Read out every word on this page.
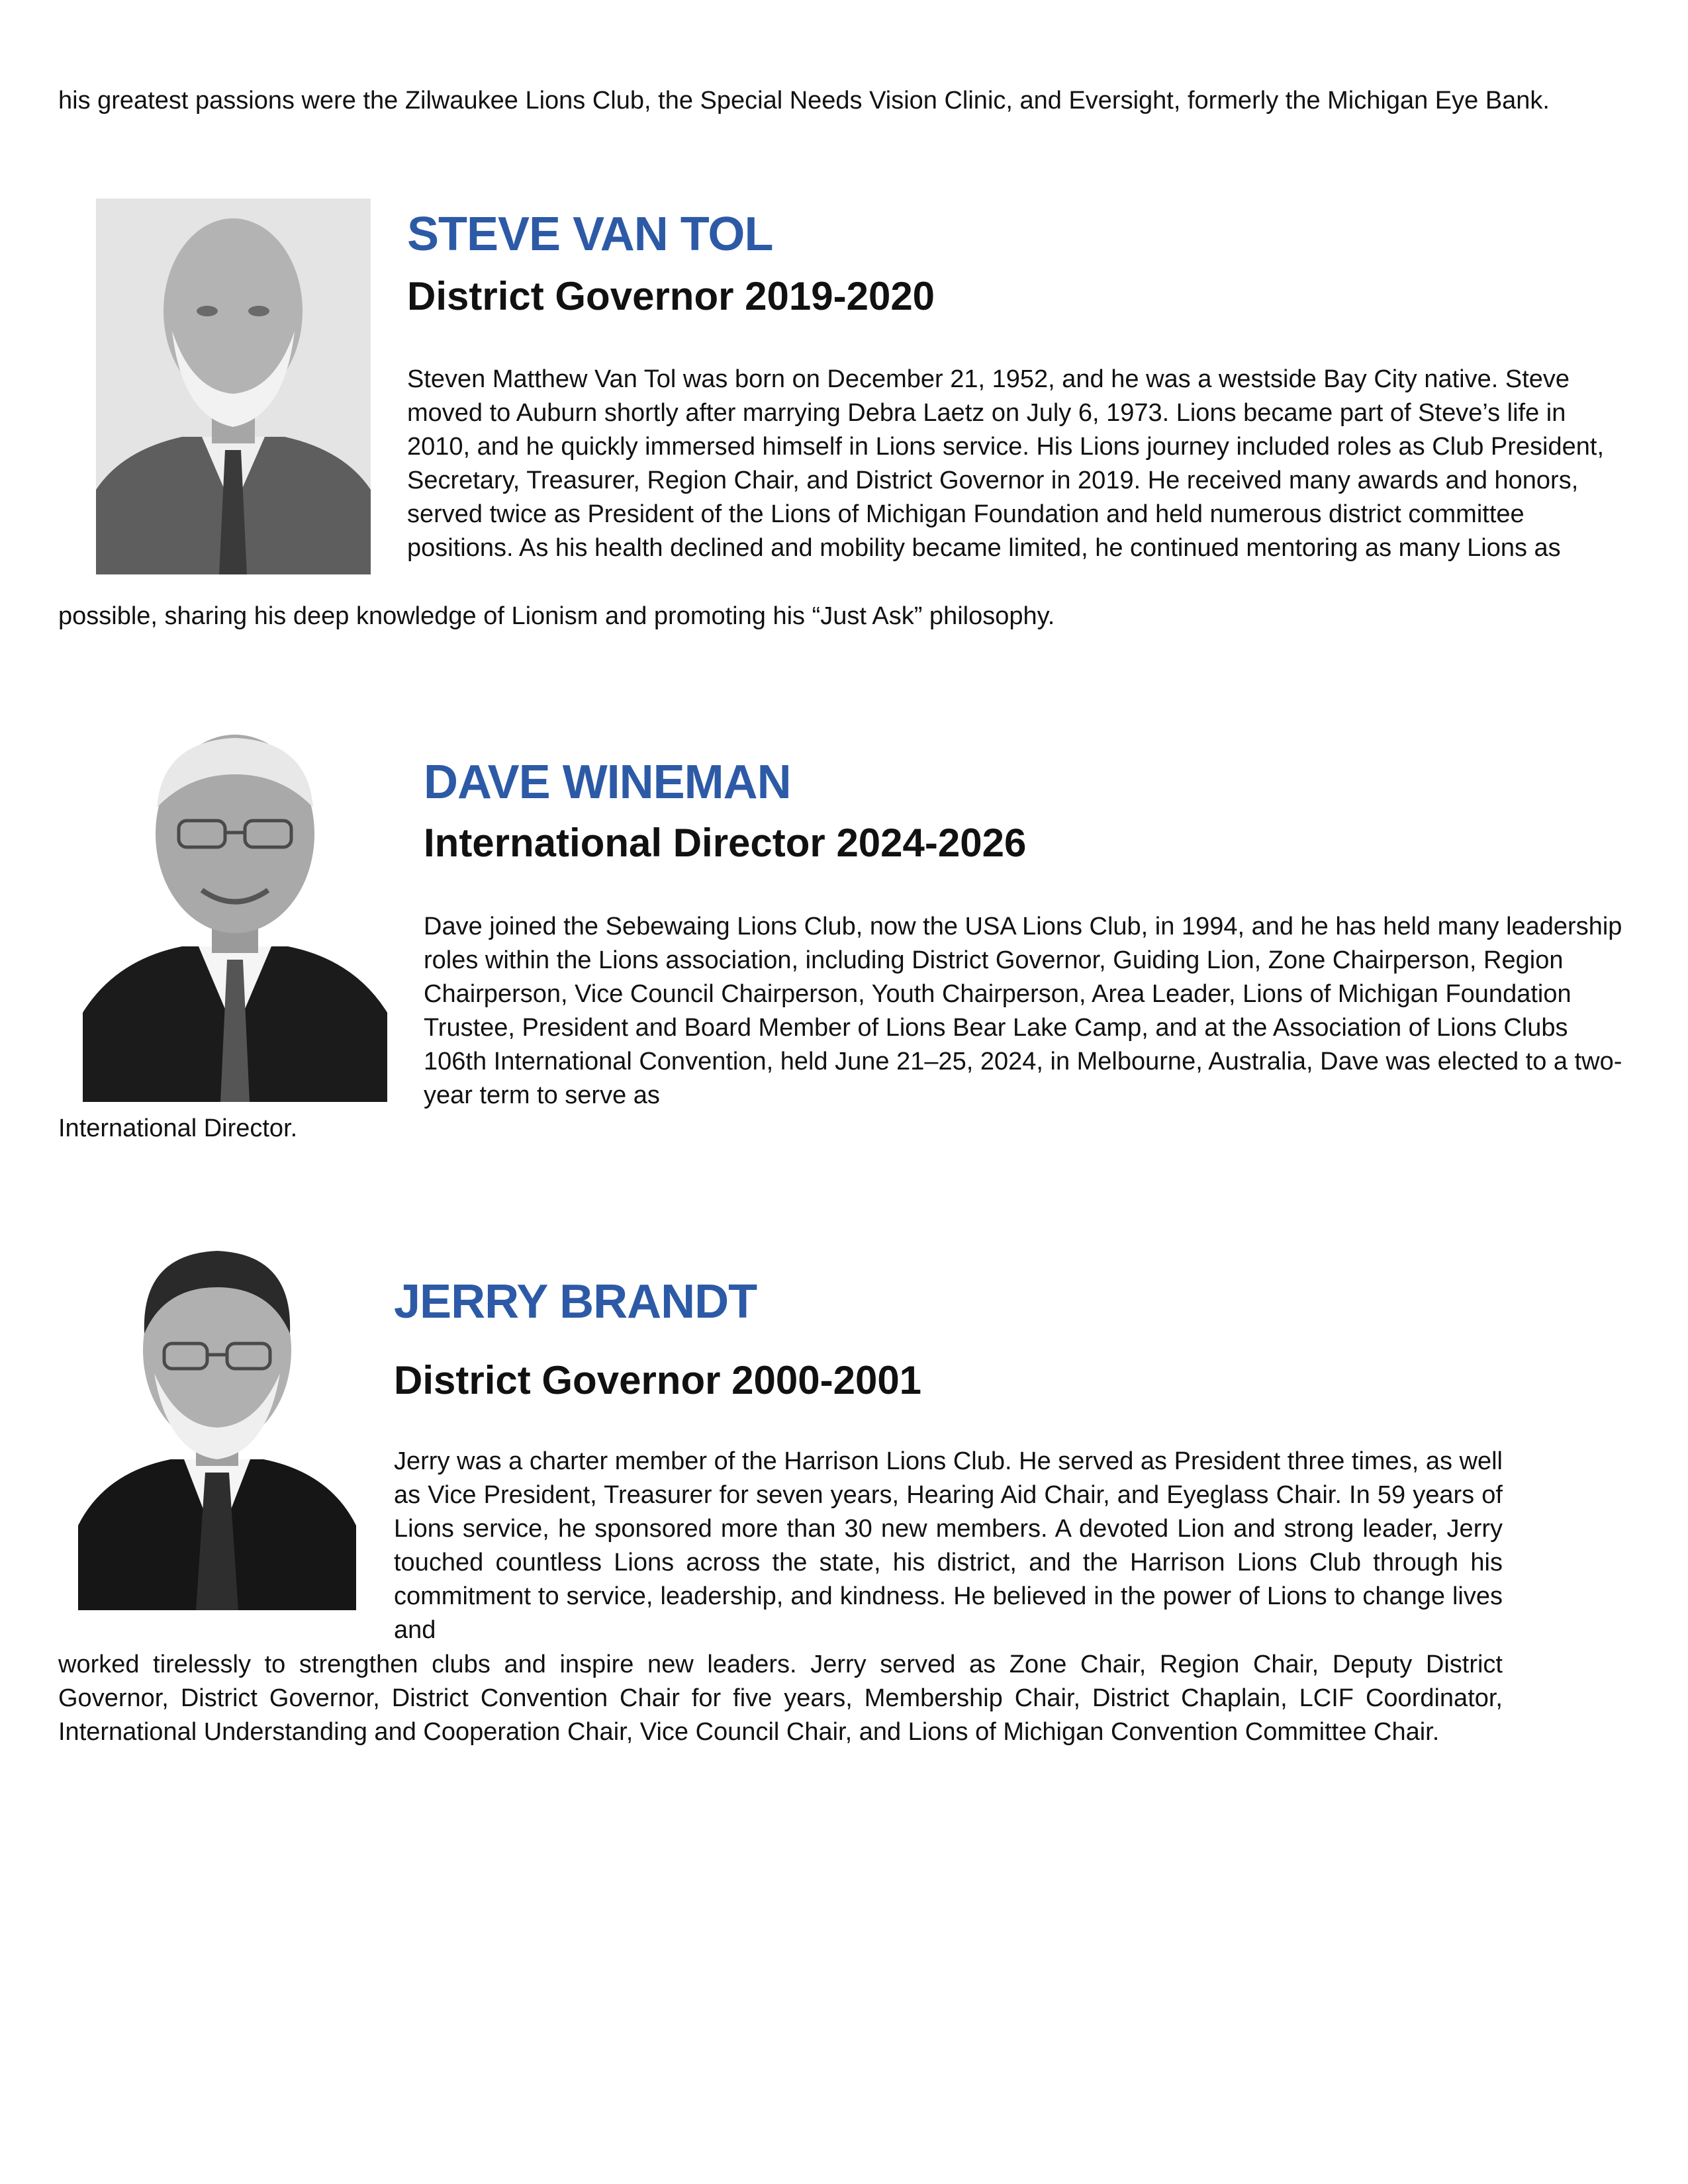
his greatest passions were the Zilwaukee Lions Club, the Special Needs Vision Clinic, and Eversight, formerly the Michigan Eye Bank.

STEVE VAN TOL
District Governor 2019-2020

Steven Matthew Van Tol was born on December 21, 1952, and he was a westside Bay City native. Steve moved to Auburn shortly after marrying Debra Laetz on July 6, 1973. Lions became part of Steve’s life in 2010, and he quickly immersed himself in Lions service. His Lions journey included roles as Club President, Secretary, Treasurer, Region Chair, and District Governor in 2019. He received many awards and honors, served twice as President of the Lions of Michigan Foundation and held numerous district committee positions. As his health declined and mobility became limited, he continued mentoring as many Lions as

possible, sharing his deep knowledge of Lionism and promoting his “Just Ask” philosophy.

DAVE WINEMAN
International Director 2024-2026

Dave joined the Sebewaing Lions Club, now the USA Lions Club, in 1994, and he has held many leadership roles within the Lions association, including District Governor, Guiding Lion, Zone Chairperson, Region Chairperson, Vice Council Chairperson, Youth Chairperson, Area Leader, Lions of Michigan Foundation Trustee, President and Board Member of Lions Bear Lake Camp, and at the Association of Lions Clubs 106th International Convention, held June 21–25, 2024, in Melbourne, Australia, Dave was elected to a two-year term to serve as

International Director.

JERRY BRANDT
District Governor 2000-2001

Jerry was a charter member of the Harrison Lions Club. He served as President three times, as well as Vice President, Treasurer for seven years, Hearing Aid Chair, and Eyeglass Chair. In 59 years of Lions service, he sponsored more than 30 new members. A devoted Lion and strong leader, Jerry touched countless Lions across the state, his district, and the Harrison Lions Club through his commitment to service, leadership, and kindness. He believed in the power of Lions to change lives and

worked tirelessly to strengthen clubs and inspire new leaders. Jerry served as Zone Chair, Region Chair, Deputy District Governor, District Governor, District Convention Chair for five years, Membership Chair, District Chaplain, LCIF Coordinator, International Understanding and Cooperation Chair, Vice Council Chair, and Lions of Michigan Convention Committee Chair.
